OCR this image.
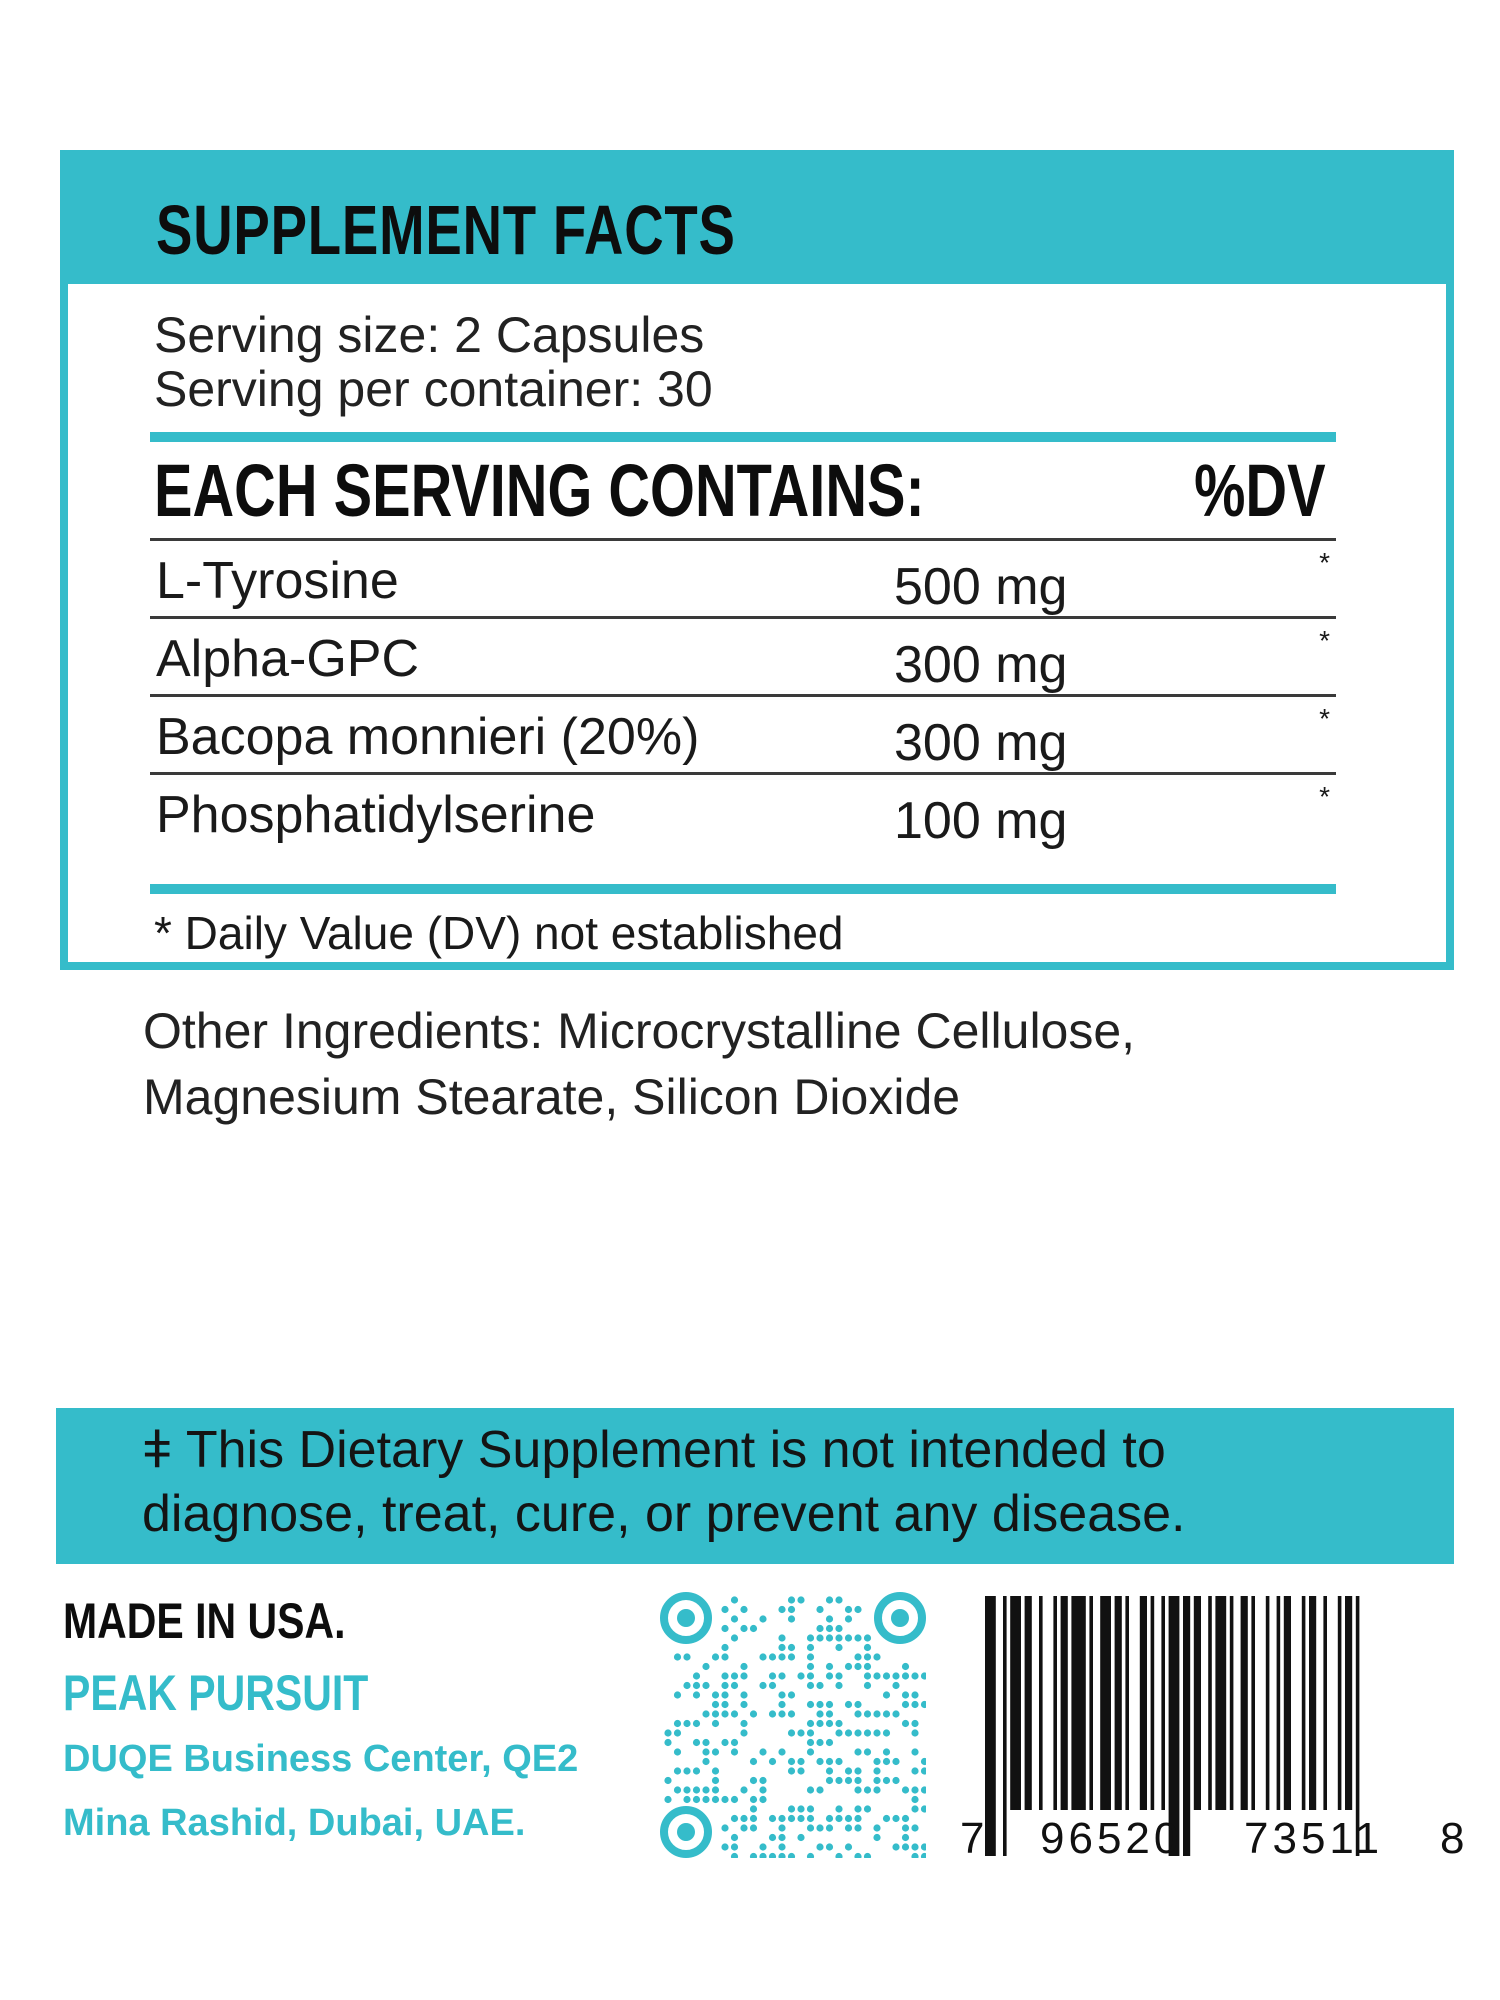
SUPPLEMENT FACTS
Serving size: 2 Capsules
Serving per container: 30
EACH SERVING CONTAINS:	%DV
L-Tyrosine	500 mg	*
Alpha-GPC	300 mg	*
Bacopa monnieri (20%)	300 mg	*
Phosphatidylserine	100 mg	*
* Daily Value (DV) not established
Other Ingredients: Microcrystalline Cellulose,
Magnesium Stearate, Silicon Dioxide
ǂ This Dietary Supplement is not intended to
diagnose, treat, cure, or prevent any disease.
MADE IN USA.
PEAK PURSUIT
DUQE Business Center, QE2
Mina Rashid, Dubai, UAE.	7 96520 73511 8
